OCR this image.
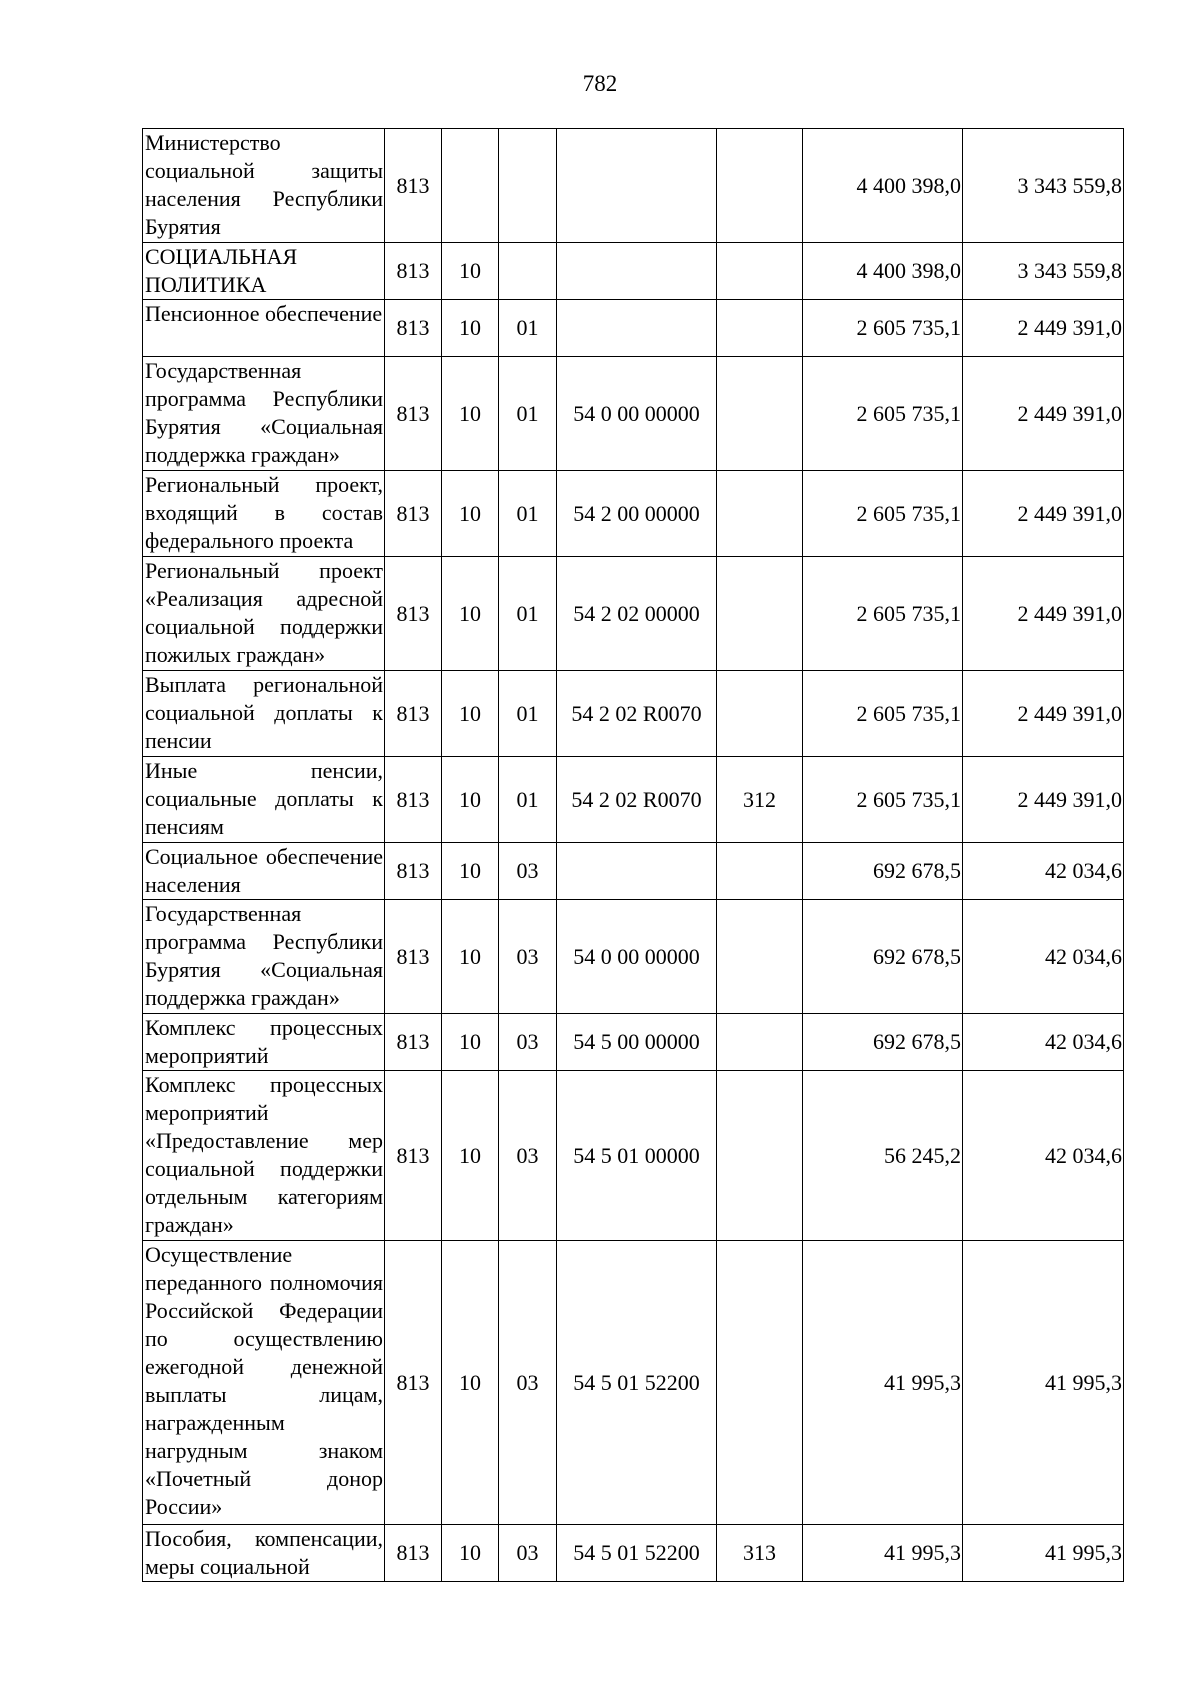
782
Министерство социальной защиты населения Республики Бурятия	813					4 400 398,0	3 343 559,8
СОЦИАЛЬНАЯ ПОЛИТИКА	813	10				4 400 398,0	3 343 559,8
Пенсионное обеспечение	813	10	01			2 605 735,1	2 449 391,0
Государственная программа Республики Бурятия «Социальная поддержка граждан»	813	10	01	54 0 00 00000		2 605 735,1	2 449 391,0
Региональный проект, входящий в состав федерального проекта	813	10	01	54 2 00 00000		2 605 735,1	2 449 391,0
Региональный проект «Реализация адресной социальной поддержки пожилых граждан»	813	10	01	54 2 02 00000		2 605 735,1	2 449 391,0
Выплата региональной социальной доплаты к пенсии	813	10	01	54 2 02 R0070		2 605 735,1	2 449 391,0
Иные пенсии, социальные доплаты к пенсиям	813	10	01	54 2 02 R0070	312	2 605 735,1	2 449 391,0
Социальное обеспечение населения	813	10	03			692 678,5	42 034,6
Государственная программа Республики Бурятия «Социальная поддержка граждан»	813	10	03	54 0 00 00000		692 678,5	42 034,6
Комплекс процессных мероприятий	813	10	03	54 5 00 00000		692 678,5	42 034,6
Комплекс процессных мероприятий «Предоставление мер социальной поддержки отдельным категориям граждан»	813	10	03	54 5 01 00000		56 245,2	42 034,6
Осуществление переданного полномочия Российской Федерации по осуществлению ежегодной денежной выплаты лицам, награжденным нагрудным знаком «Почетный донор России»	813	10	03	54 5 01 52200		41 995,3	41 995,3
Пособия, компенсации, меры социальной	813	10	03	54 5 01 52200	313	41 995,3	41 995,3
